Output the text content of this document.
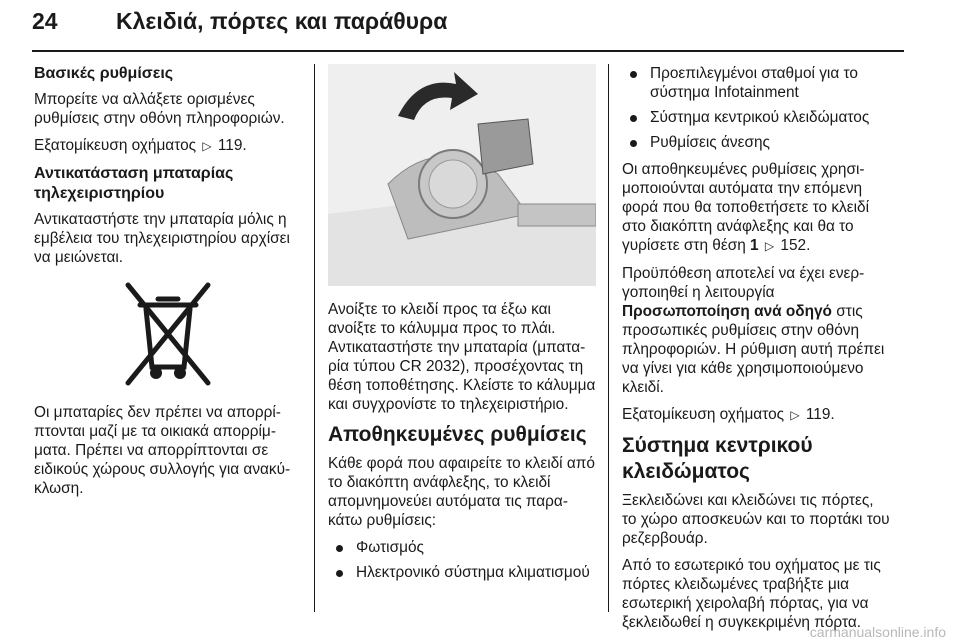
24	Κλειδιά, πόρτες και παράθυρα
Βασικές ρυθμίσεις
Μπορείτε να αλλάξετε ορισμένες ρυθμίσεις στην οθόνη πληροφοριών.
Εξατομίκευση οχήματος ▷ 119.
Αντικατάσταση μπαταρίας τηλεχειριστηρίου
Αντικαταστήστε την μπαταρία μόλις η εμβέλεια του τηλεχειριστηρίου αρχίσει να μειώνεται.
Οι μπαταρίες δεν πρέπει να απορρίπτονται μαζί με τα οικιακά απορρίμματα. Πρέπει να απορρίπτονται σε ειδικούς χώρους συλλογής για ανακύκλωση.
Ανοίξτε το κλειδί προς τα έξω και ανοίξτε το κάλυμμα προς το πλάι. Αντικαταστήστε την μπαταρία (μπαταρία τύπου CR 2032), προσέχοντας τη θέση τοποθέτησης. Κλείστε το κάλυμμα και συγχρονίστε το τηλεχειριστήριο.
Αποθηκευμένες ρυθμίσεις
Κάθε φορά που αφαιρείτε το κλειδί από το διακόπτη ανάφλεξης, το κλειδί απομνημονεύει αυτόματα τις παρακάτω ρυθμίσεις:
Φωτισμός
Ηλεκτρονικό σύστημα κλιματισμού
Προεπιλεγμένοι σταθμοί για το σύστημα Infotainment
Σύστημα κεντρικού κλειδώματος
Ρυθμίσεις άνεσης
Οι αποθηκευμένες ρυθμίσεις χρησιμοποιούνται αυτόματα την επόμενη φορά που θα τοποθετήσετε το κλειδί στο διακόπτη ανάφλεξης και θα το γυρίσετε στη θέση 1 ▷ 152.
Προϋπόθεση αποτελεί να έχει ενεργοποιηθεί η λειτουργία Προσωποποίηση ανά οδηγό στις προσωπικές ρυθμίσεις στην οθόνη πληροφοριών. Η ρύθμιση αυτή πρέπει να γίνει για κάθε χρησιμοποιούμενο κλειδί.
Εξατομίκευση οχήματος ▷ 119.
Σύστημα κεντρικού κλειδώματος
Ξεκλειδώνει και κλειδώνει τις πόρτες, το χώρο αποσκευών και το πορτάκι του ρεζερβουάρ.
Από το εσωτερικό του οχήματος με τις πόρτες κλειδωμένες τραβήξτε μια εσωτερική χειρολαβή πόρτας, για να ξεκλειδωθεί η συγκεκριμένη πόρτα.
carmanualsonline.info
